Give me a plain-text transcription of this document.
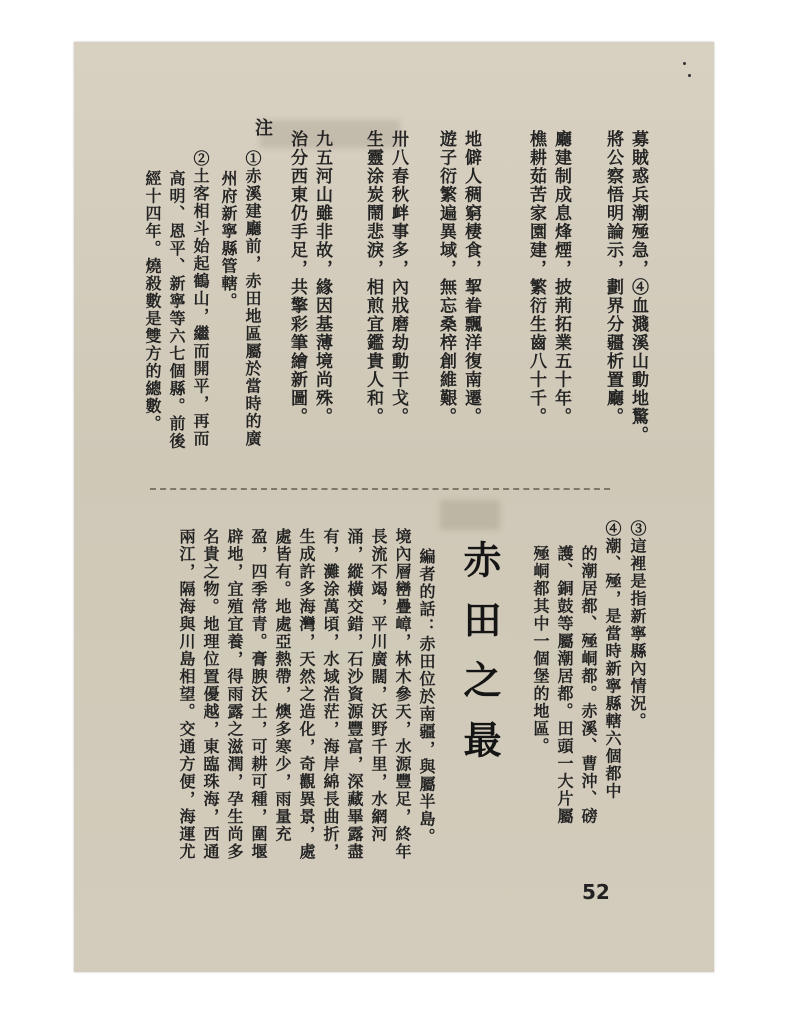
募賊惑兵潮殛急，④血濺溪山動地驚。
將公察悟明論示，劃界分疆析置廳。
廳建制成息烽煙，披荊拓業五十年。
樵耕茹苦家園建，繁衍生齒八十千。
地僻人稠窮棲食，挈眷飄洋復南遷。
遊子衍繁遍異域，無忘桑梓創維艱。
卅八春秋衅事多，內戕磨劫動干戈。
生靈涂炭鬧悲淚，相煎宜鑑貴人和。
九五河山雖非故，緣因基薄境尚殊。
治分西東仍手足，共擎彩筆繪新圖。
注
①赤溪建廳前，赤田地區屬於當時的廣
州府新寧縣管轄。
②土客相斗始起鶴山，繼而開平，再而
高明、恩平、新寧等六七個縣。前後
經十四年。燒殺數是雙方的總數。
③這裡是指新寧縣內情況。
④潮、殛，是當時新寧縣轄六個都中
的潮居都、殛峒都。赤溪、曹沖、磅
護、銅鼓等屬潮居都。田頭一大片屬
殛峒都其中一個堡的地區。
赤田之最
編者的話：赤田位於南疆，與屬半島。
境內層巒疊嶂，林木參天，水源豐足，終年
長流不竭，平川廣闊，沃野千里，水網河
涌，縱橫交錯，石沙資源豐富，深藏畢露盡
有，灘涂萬頃，水域浩茫，海岸綿長曲折，
生成許多海灣，天然之造化，奇觀異景，處
處皆有。地處亞熱帶，燠多寒少，雨量充
盈，四季常青。膏腴沃土，可耕可種，圍堰
辟地，宜殖宜養，得雨露之滋潤，孕生尚多
名貴之物。地理位置優越，東臨珠海，西通
兩江，隔海與川島相望。交通方便，海運尤
52
